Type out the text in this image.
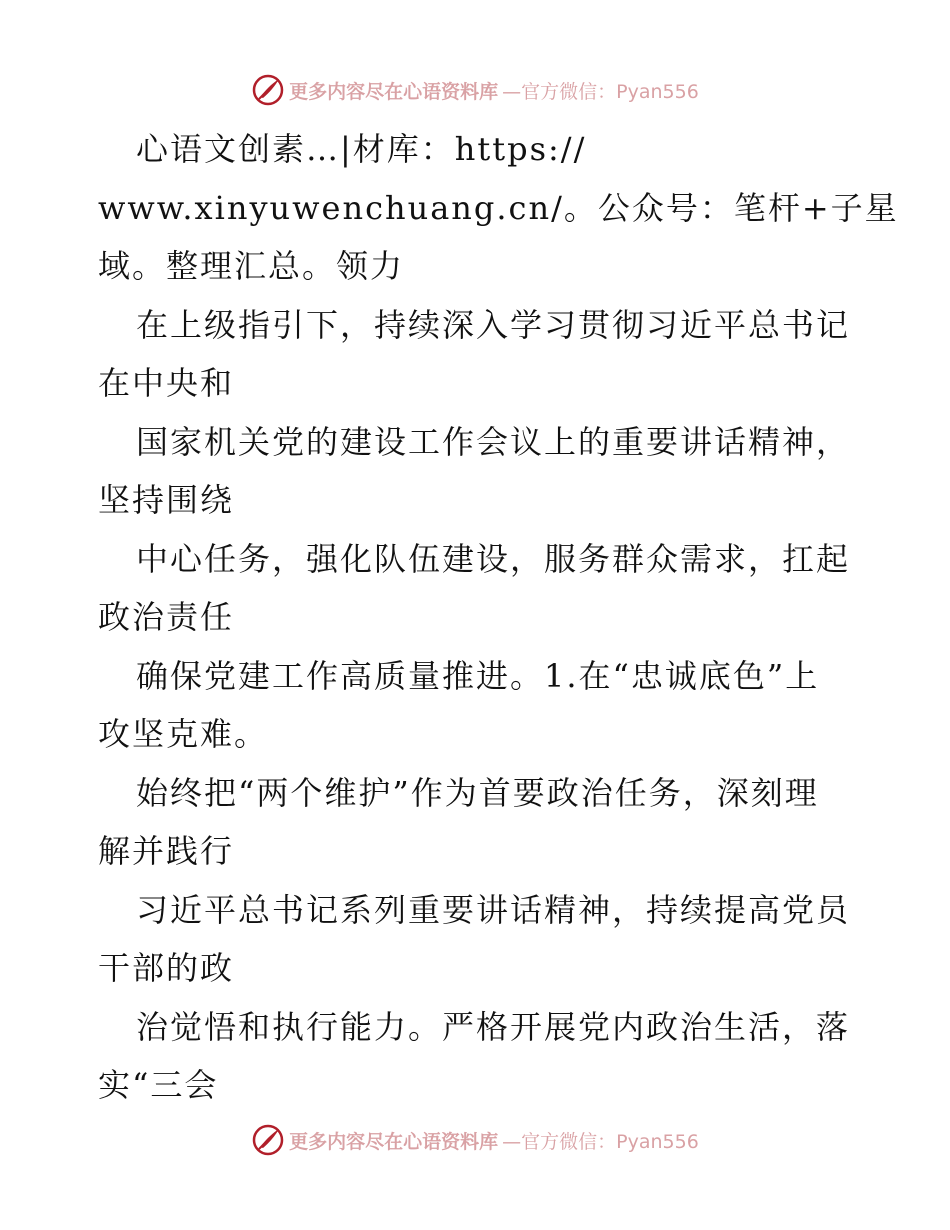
更多内容尽在心语资料库 —官方微信：Pyan556
心语文创素…|材库：https://
www.xinyuwenchuang.cn/。公众号：笔杆+子星
域。整理汇总。领力
在上级指引下，持续深入学习贯彻习近平总书记
在中央和
国家机关党的建设工作会议上的重要讲话精神，
坚持围绕
中心任务，强化队伍建设，服务群众需求，扛起
政治责任
确保党建工作高质量推进。1.在“忠诚底色”上
攻坚克难。
始终把“两个维护”作为首要政治任务，深刻理
解并践行
习近平总书记系列重要讲话精神，持续提高党员
干部的政
治觉悟和执行能力。严格开展党内政治生活，落
实“三会
更多内容尽在心语资料库 —官方微信：Pyan556
